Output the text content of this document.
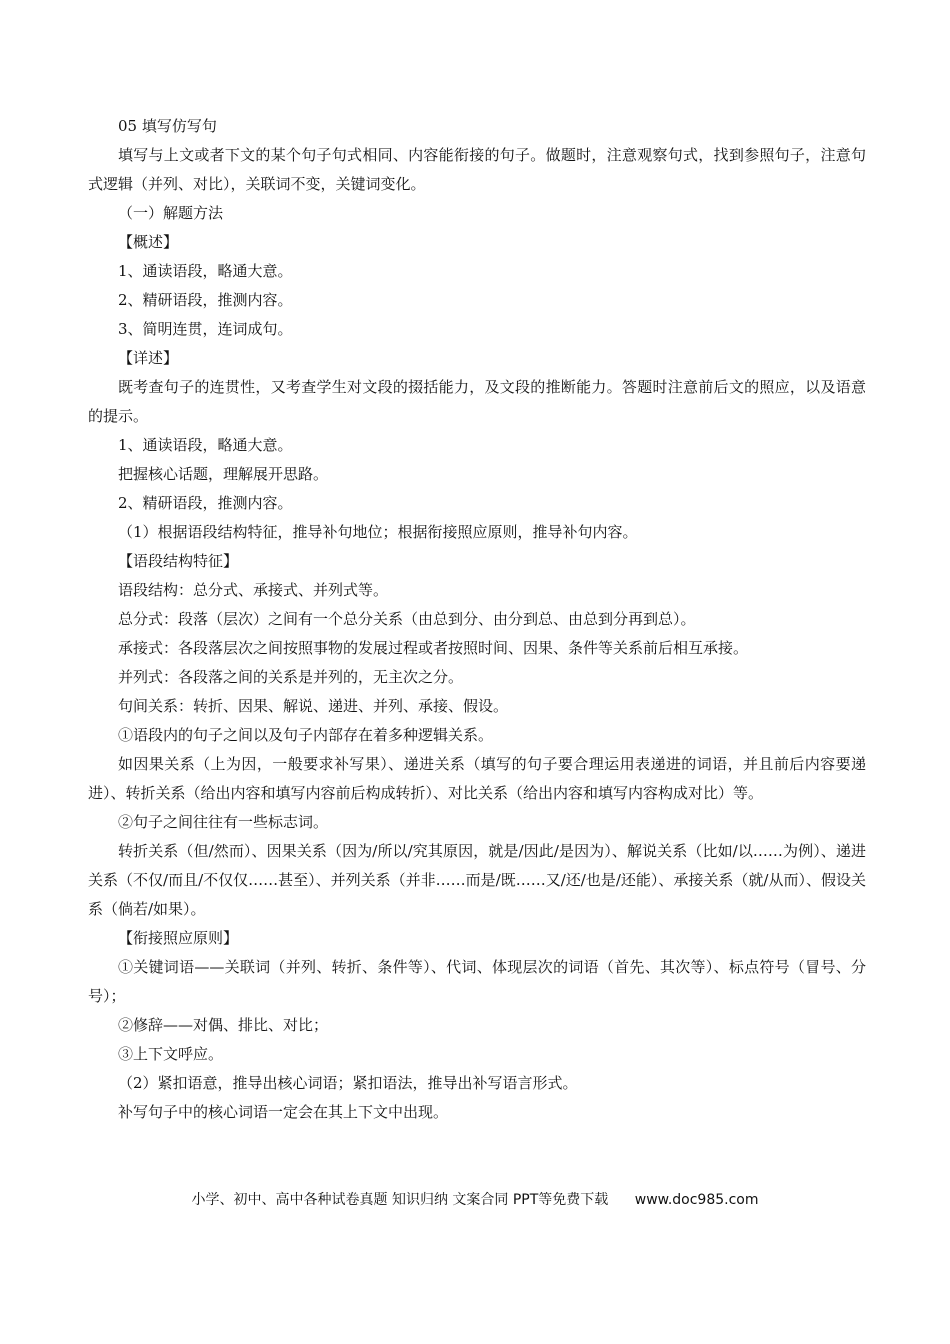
05 填写仿写句

填写与上文或者下文的某个句子句式相同、内容能衔接的句子。做题时，注意观察句式，找到参照句子，注意句式逻辑（并列、对比），关联词不变，关键词变化。

（一）解题方法

【概述】

1、通读语段，略通大意。

2、精研语段，推测内容。

3、简明连贯，连词成句。

【详述】

既考查句子的连贯性，又考查学生对文段的掇括能力，及文段的推断能力。答题时注意前后文的照应，以及语意的提示。

1、通读语段，略通大意。

把握核心话题，理解展开思路。

2、精研语段，推测内容。

（1）根据语段结构特征，推导补句地位；根据衔接照应原则，推导补句内容。

【语段结构特征】

语段结构：总分式、承接式、并列式等。

总分式：段落（层次）之间有一个总分关系（由总到分、由分到总、由总到分再到总）。

承接式：各段落层次之间按照事物的发展过程或者按照时间、因果、条件等关系前后相互承接。

并列式：各段落之间的关系是并列的，无主次之分。

句间关系：转折、因果、解说、递进、并列、承接、假设。

①语段内的句子之间以及句子内部存在着多种逻辑关系。

如因果关系（上为因，一般要求补写果）、递进关系（填写的句子要合理运用表递进的词语，并且前后内容要递进）、转折关系（给出内容和填写内容前后构成转折）、对比关系（给出内容和填写内容构成对比）等。

②句子之间往往有一些标志词。

转折关系（但/然而）、因果关系（因为/所以/究其原因，就是/因此/是因为）、解说关系（比如/以……为例）、递进关系（不仅/而且/不仅仅……甚至）、并列关系（并非……而是/既……又/还/也是/还能）、承接关系（就/从而）、假设关系（倘若/如果）。

【衔接照应原则】

①关键词语——关联词（并列、转折、条件等）、代词、体现层次的词语（首先、其次等）、标点符号（冒号、分号）；

②修辞——对偶、排比、对比；

③上下文呼应。

（2）紧扣语意，推导出核心词语；紧扣语法，推导出补写语言形式。

补写句子中的核心词语一定会在其上下文中出现。

小学、初中、高中各种试卷真题 知识归纳 文案合同 PPT等免费下载 www.doc985.com
